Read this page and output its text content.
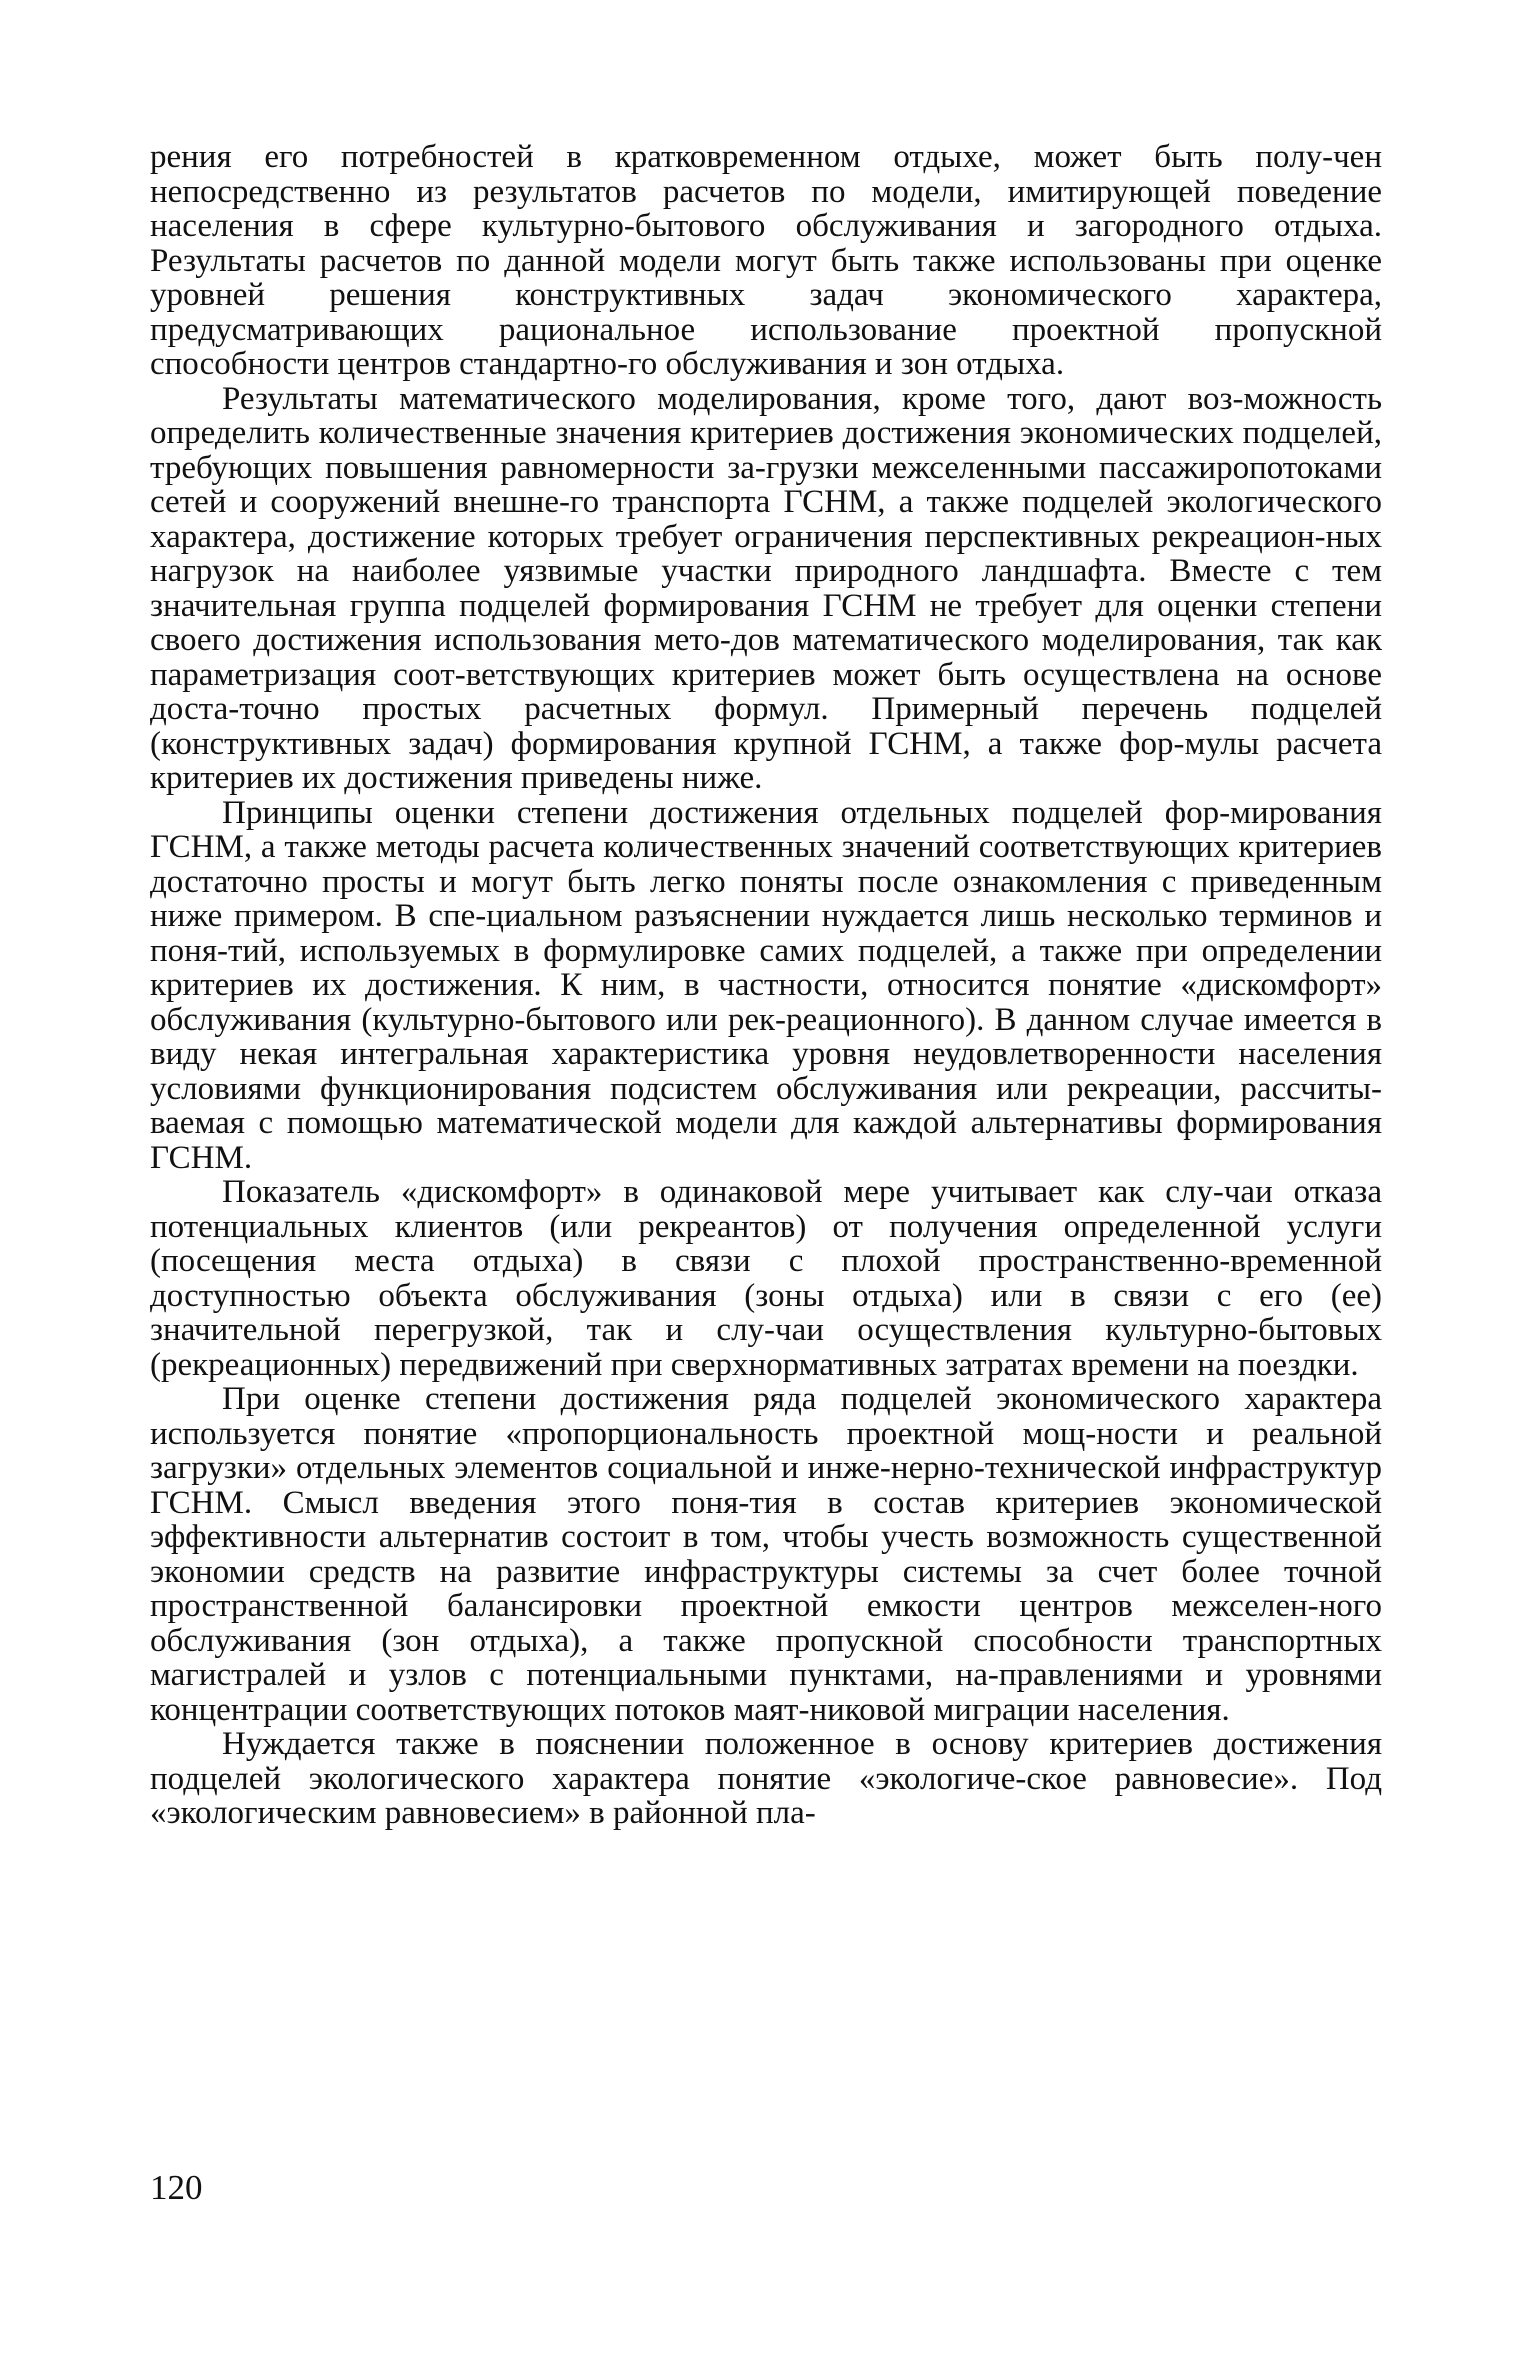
рения его потребностей в кратковременном отдыхе, может быть полу-чен непосредственно из результатов расчетов по модели, имитирующей поведение населения в сфере культурно-бытового обслуживания и загородного отдыха. Результаты расчетов по данной модели могут быть также использованы при оценке уровней решения конструктивных задач экономического характера, предусматривающих рациональное использование проектной пропускной способности центров стандартно-го обслуживания и зон отдыха.

Результаты математического моделирования, кроме того, дают воз-можность определить количественные значения критериев достижения экономических подцелей, требующих повышения равномерности за-грузки межселенными пассажиропотоками сетей и сооружений внешне-го транспорта ГСНМ, а также подцелей экологического характера, достижение которых требует ограничения перспективных рекреацион-ных нагрузок на наиболее уязвимые участки природного ландшафта. Вместе с тем значительная группа подцелей формирования ГСНМ не требует для оценки степени своего достижения использования мето-дов математического моделирования, так как параметризация соот-ветствующих критериев может быть осуществлена на основе доста-точно простых расчетных формул. Примерный перечень подцелей (конструктивных задач) формирования крупной ГСНМ, а также фор-мулы расчета критериев их достижения приведены ниже.

Принципы оценки степени достижения отдельных подцелей фор-мирования ГСНМ, а также методы расчета количественных значений соответствующих критериев достаточно просты и могут быть легко поняты после ознакомления с приведенным ниже примером. В спе-циальном разъяснении нуждается лишь несколько терминов и поня-тий, используемых в формулировке самих подцелей, а также при определении критериев их достижения. К ним, в частности, относится понятие «дискомфорт» обслуживания (культурно-бытового или рек-реационного). В данном случае имеется в виду некая интегральная характеристика уровня неудовлетворенности населения условиями функционирования подсистем обслуживания или рекреации, рассчиты-ваемая с помощью математической модели для каждой альтернативы формирования ГСНМ.

Показатель «дискомфорт» в одинаковой мере учитывает как слу-чаи отказа потенциальных клиентов (или рекреантов) от получения определенной услуги (посещения места отдыха) в связи с плохой пространственно-временной доступностью объекта обслуживания (зоны отдыха) или в связи с его (ее) значительной перегрузкой, так и слу-чаи осуществления культурно-бытовых (рекреационных) передвижений при сверхнормативных затратах времени на поездки.

При оценке степени достижения ряда подцелей экономического характера используется понятие «пропорциональность проектной мощ-ности и реальной загрузки» отдельных элементов социальной и инже-нерно-технической инфраструктур ГСНМ. Смысл введения этого поня-тия в состав критериев экономической эффективности альтернатив состоит в том, чтобы учесть возможность существенной экономии средств на развитие инфраструктуры системы за счет более точной пространственной балансировки проектной емкости центров межселен-ного обслуживания (зон отдыха), а также пропускной способности транспортных магистралей и узлов с потенциальными пунктами, на-правлениями и уровнями концентрации соответствующих потоков маят-никовой миграции населения.

Нуждается также в пояснении положенное в основу критериев достижения подцелей экологического характера понятие «экологиче-ское равновесие». Под «экологическим равновесием» в районной пла-

120
